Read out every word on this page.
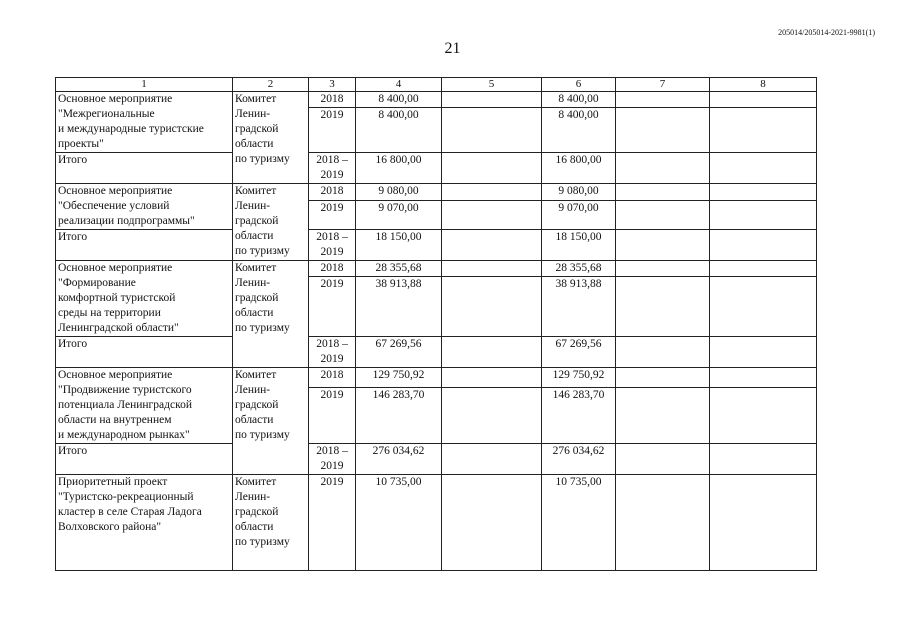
205014/205014-2021-9981(1)
21
1	2	3	4	5	6	7	8
Основное мероприятие
"Межрегиональные
и международные туристские
проекты"	Комитет
Ленин-
градской
области
по туризму	2018	8 400,00		8 400,00		
		2019	8 400,00		8 400,00		
Итого		2018 –
2019	16 800,00		16 800,00		
Основное мероприятие
"Обеспечение условий
реализации подпрограммы"	Комитет
Ленин-
градской
области
по туризму	2018	9 080,00		9 080,00		
		2019	9 070,00		9 070,00		
Итого		2018 –
2019	18 150,00		18 150,00		
Основное мероприятие
"Формирование
комфортной туристской
среды на территории
Ленинградской области"	Комитет
Ленин-
градской
области
по туризму	2018	28 355,68		28 355,68		
		2019	38 913,88		38 913,88		
Итого		2018 –
2019	67 269,56		67 269,56		
Основное мероприятие
"Продвижение туристского
потенциала Ленинградской
области на внутреннем
и международном рынках"	Комитет
Ленин-
градской
области
по туризму	2018	129 750,92		129 750,92		
		2019	146 283,70		146 283,70		
Итого		2018 –
2019	276 034,62		276 034,62		
Приоритетный проект
"Туристско-рекреационный
кластер в селе Старая Ладога
Волховского района"	Комитет
Ленин-
градской
области
по туризму	2019	10 735,00		10 735,00		
